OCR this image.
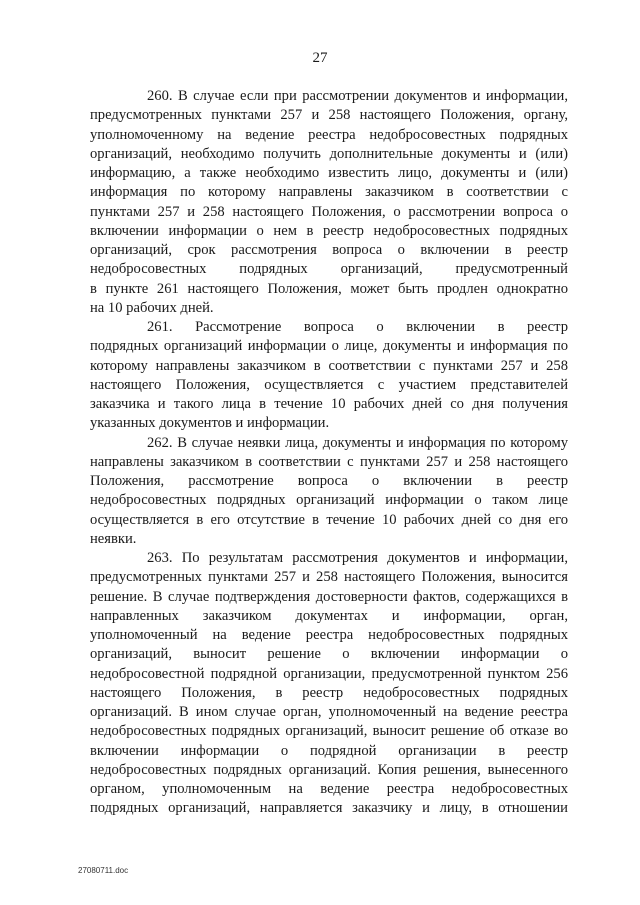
27
260. В случае если при рассмотрении документов и информации,
предусмотренных пунктами 257 и 258 настоящего Положения, органу,
уполномоченному на ведение реестра недобросовестных подрядных
организаций, необходимо получить дополнительные документы и (или)
информацию, а также необходимо известить лицо, документы и (или)
информация по которому направлены заказчиком в соответствии с
пунктами 257 и 258 настоящего Положения, о рассмотрении вопроса о
включении информации о нем в реестр недобросовестных подрядных
организаций, срок рассмотрения вопроса о включении в реестр
недобросовестных подрядных организаций, предусмотренный
в пункте 261 настоящего Положения, может быть продлен однократно
на 10 рабочих дней.
261. Рассмотрение вопроса о включении в реестр
подрядных организаций информации о лице, документы и информация по
которому направлены заказчиком в соответствии с пунктами 257 и 258
настоящего Положения, осуществляется с участием представителей
заказчика и такого лица в течение 10 рабочих дней со дня получения
указанных документов и информации.
262. В случае неявки лица, документы и информация по которому
направлены заказчиком в соответствии с пунктами 257 и 258 настоящего
Положения, рассмотрение вопроса о включении в реестр
недобросовестных подрядных организаций информации о таком лице
осуществляется в его отсутствие в течение 10 рабочих дней со дня его
неявки.
263. По результатам рассмотрения документов и информации,
предусмотренных пунктами 257 и 258 настоящего Положения, выносится
решение. В случае подтверждения достоверности фактов, содержащихся в
направленных заказчиком документах и информации, орган,
уполномоченный на ведение реестра недобросовестных подрядных
организаций, выносит решение о включении информации о
недобросовестной подрядной организации, предусмотренной пунктом 256
настоящего Положения, в реестр недобросовестных подрядных
организаций. В ином случае орган, уполномоченный на ведение реестра
недобросовестных подрядных организаций, выносит решение об отказе во
включении информации о подрядной организации в реестр
недобросовестных подрядных организаций. Копия решения, вынесенного
органом, уполномоченным на ведение реестра недобросовестных
подрядных организаций, направляется заказчику и лицу, в отношении
27080711.doc
